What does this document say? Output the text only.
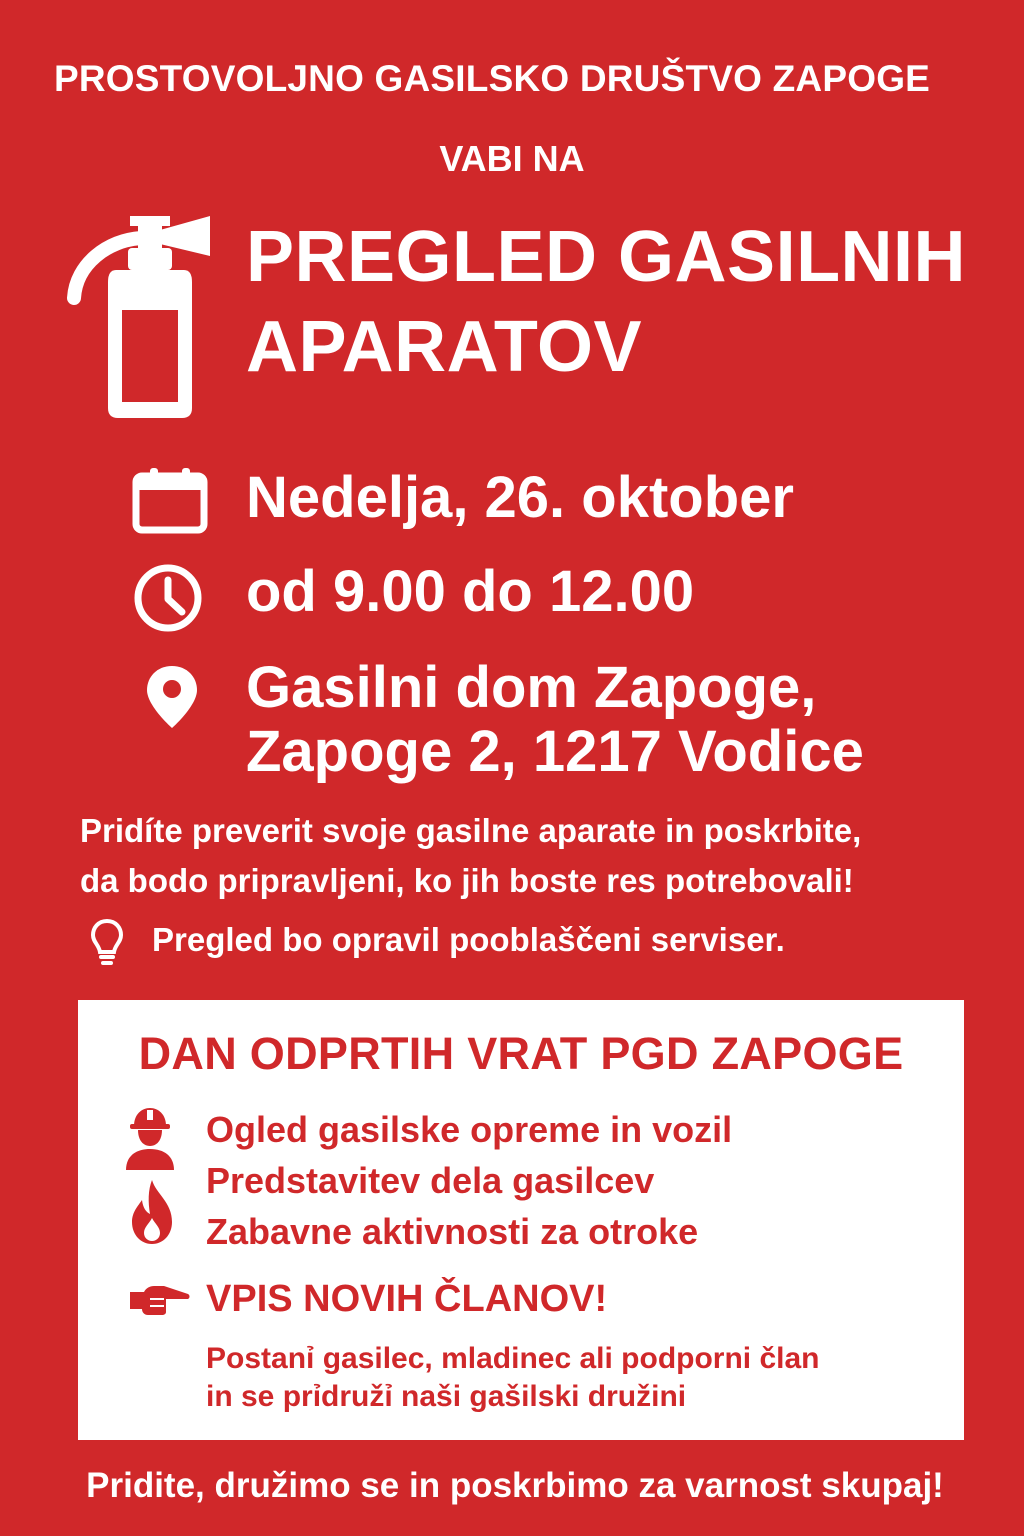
PROSTOVOLJNO GASILSKO DRUŠTVO ZAPOGE
VABI NA
PREGLED GASILNIH
APARATOV
Nedelja, 26. oktober
od 9.00 do 12.00
Gasilni dom Zapoge,
Zapoge 2, 1217 Vodice
Pridíte preverit svoje gasilne aparate in poskrbite,
da bodo pripravljeni, ko jih boste res potrebovali!
Pregled bo opravil pooblaščeni serviser.
DAN ODPRTIH VRAT PGD ZAPOGE
Ogled gasilske opreme in vozil
Predstavitev dela gasilcev
Zabavne aktivnosti za otroke
VPIS NOVIH ČLANOV!
Postanỉ gasilec, mladinec ali podporni član
in se prỉdružỉ naši gašilski družini
Pridite, družimo se in poskrbimo za varnost skupaj!
